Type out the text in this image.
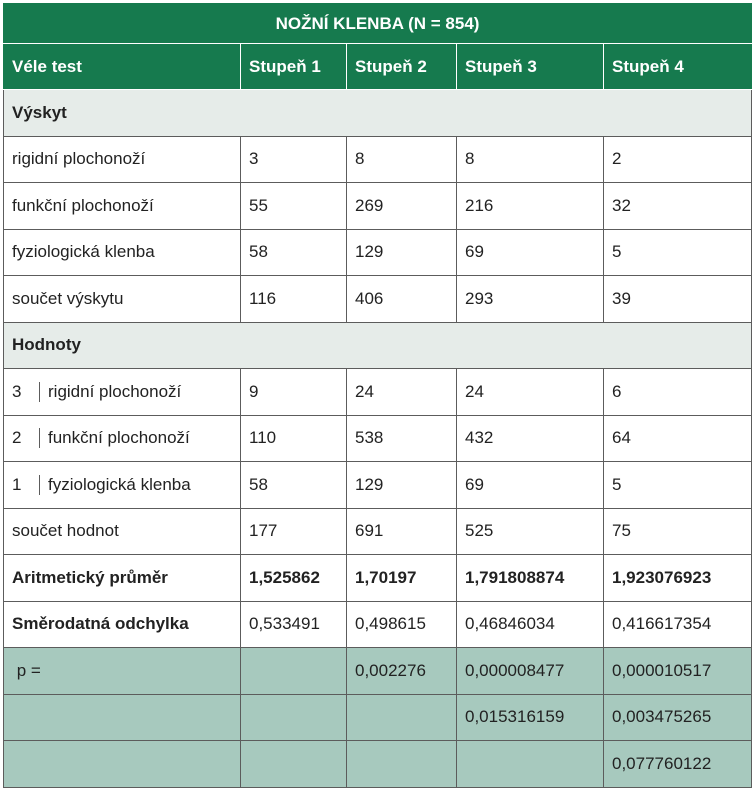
NOŽNÍ KLENBA (N = 854)				
Véle test	Stupeň 1	Stupeň 2	Stupeň 3	Stupeň 4
Výskyt				
rigidní plochonoží	3	8	8	2
funkční plochonoží	55	269	216	32
fyziologická klenba	58	129	69	5
součet výskytu	116	406	293	39
Hodnoty				

3 rigidní plochonoží	9	24	24	6

2 funkční plochonoží	110	538	432	64

1 fyziologická klenba	58	129	69	5
součet hodnot	177	691	525	75
Aritmetický průměr	1,525862	1,70197	1,791808874	1,923076923
Směrodatná odchylka	0,533491	0,498615	0,46846034	0,416617354
p =		0,002276	0,000008477	0,000010517
			0,015316159	0,003475265
				0,077760122
